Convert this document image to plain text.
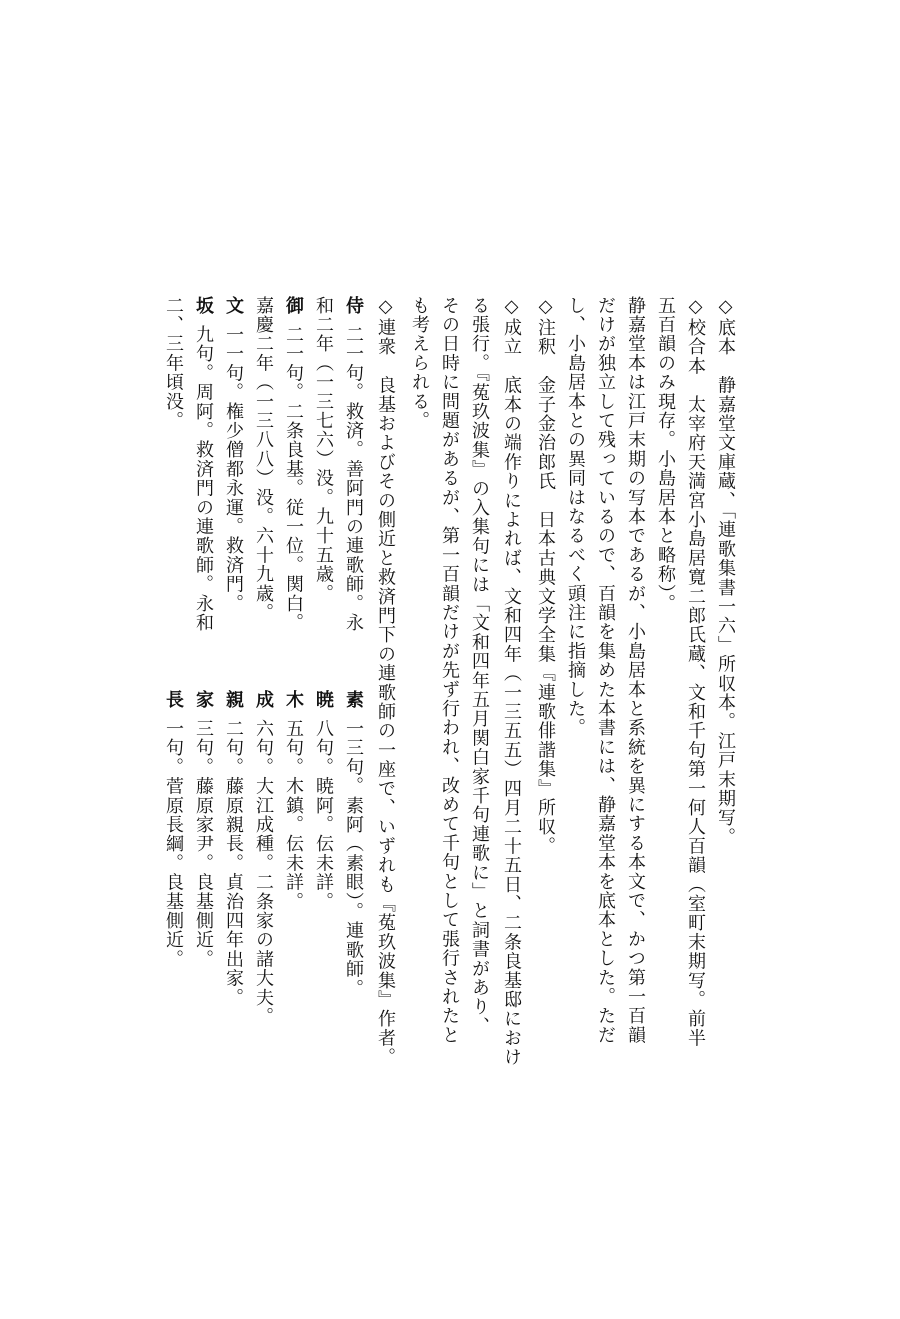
◇底本　静嘉堂文庫蔵、「連歌集書一六」所収本。江戸末期写。
◇校合本　太宰府天満宮小島居寛二郎氏蔵、文和千句第一何人百韻（室町末期写。前半
五百韻のみ現存。小島居本と略称）。
静嘉堂本は江戸末期の写本であるが、小島居本と系統を異にする本文で、かつ第一百韻
だけが独立して残っているので、百韻を集めた本書には、静嘉堂本を底本とした。ただ
し、小島居本との異同はなるべく頭注に指摘した。
◇注釈　金子金治郎氏　日本古典文学全集『連歌俳諧集』所収。
◇成立　底本の端作りによれば、文和四年（一三五五）四月二十五日、二条良基邸におけ
る張行。『菟玖波集』の入集句には「文和四年五月関白家千句連歌に」と詞書があり、
その日時に問題があるが、第一百韻だけが先ず行われ、改めて千句として張行されたと
も考えられる。
◇連衆　良基およびその側近と救済門下の連歌師の一座で、いずれも『菟玖波集』作者。
侍二一句。救済。善阿門の連歌師。永
和二年（一三七六）没。九十五歳。
御二一句。二条良基。従一位。関白。
嘉慶二年（一三八八）没。六十九歳。
文一一句。権少僧都永運。救済門。
坂九句。周阿。救済門の連歌師。永和
二、三年頃没。
素一三句。素阿（素眼）。連歌師。
暁八句。暁阿。伝未詳。
木五句。木鎮。伝未詳。
成六句。大江成種。二条家の諸大夫。
親二句。藤原親長。貞治四年出家。
家三句。藤原家尹。良基側近。
長一句。菅原長綱。良基側近。
